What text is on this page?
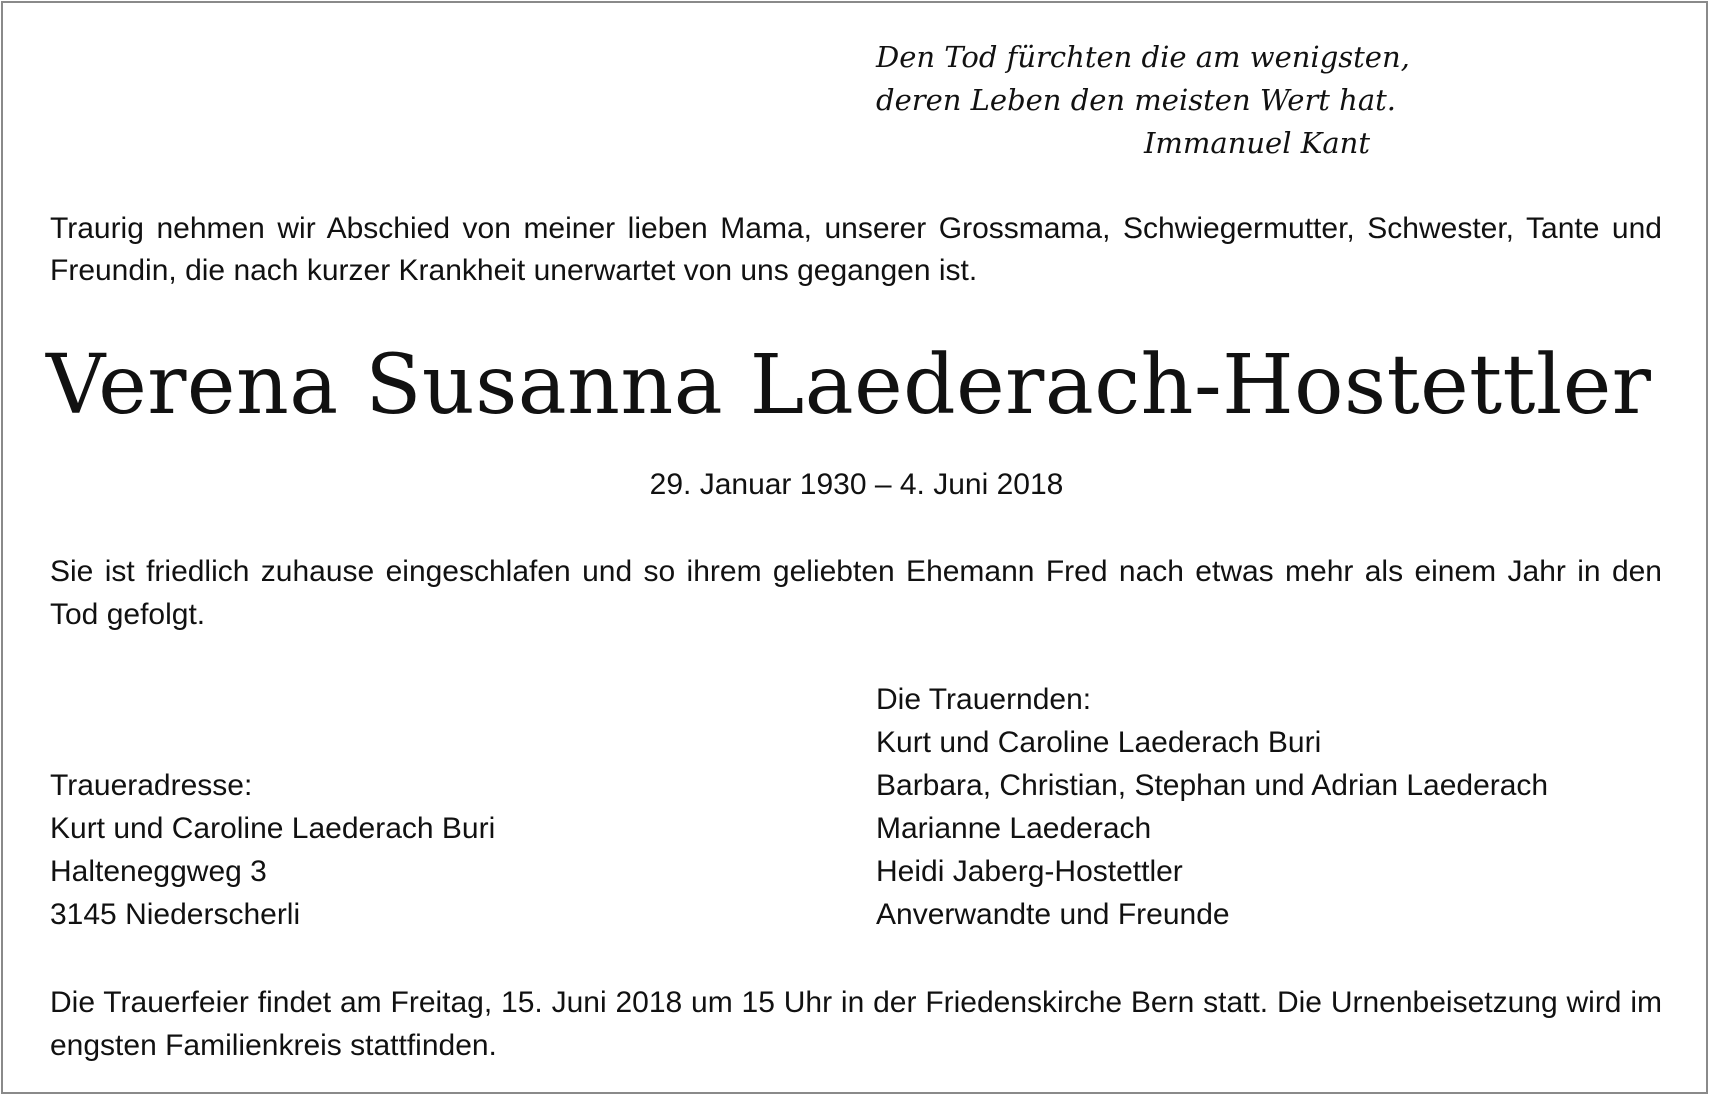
Den Tod fürchten die am wenigsten,
deren Leben den meisten Wert hat.
Immanuel Kant
Traurig nehmen wir Abschied von meiner lieben Mama, unserer Grossmama, Schwiegermutter, Schwester, Tante und Freundin, die nach kurzer Krankheit unerwartet von uns gegangen ist.
Verena Susanna Laederach-Hostettler
29. Januar 1930 – 4. Juni 2018
Sie ist friedlich zuhause eingeschlafen und so ihrem geliebten Ehemann Fred nach etwas mehr als einem Jahr in den Tod gefolgt.
Die Trauernden:
Kurt und Caroline Laederach Buri
Barbara, Christian, Stephan und Adrian Laederach
Marianne Laederach
Heidi Jaberg-Hostettler
Anverwandte und Freunde
Traueradresse:
Kurt und Caroline Laederach Buri
Halteneggweg 3
3145 Niederscherli
Die Trauerfeier findet am Freitag, 15. Juni 2018 um 15 Uhr in der Friedenskirche Bern statt. Die Urnenbeisetzung wird im engsten Familienkreis stattfinden.
